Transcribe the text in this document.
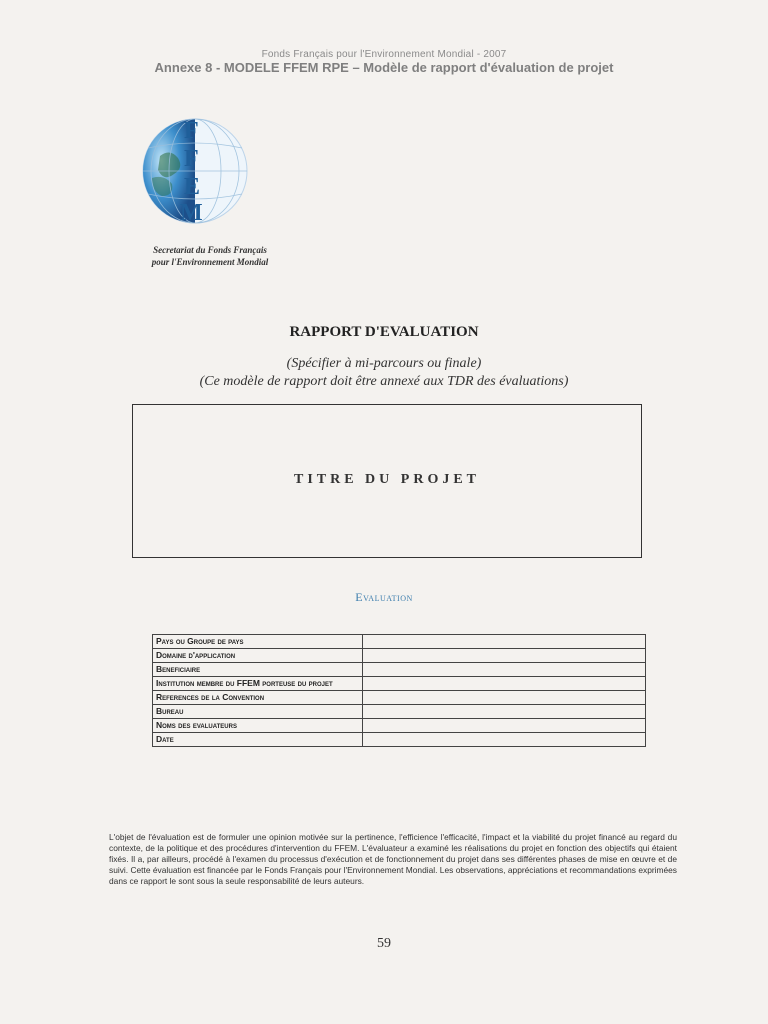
Fonds Français pour l'Environnement Mondial - 2007
Annexe 8 - MODELE FFEM RPE – Modèle de rapport d'évaluation de projet
F
F
E
M
Secretariat du Fonds Français
pour l'Environnement Mondial
RAPPORT D'EVALUATION
(Spécifier à mi-parcours ou finale)
(Ce modèle de rapport doit être annexé aux TDR des évaluations)
TITRE DU PROJET
Evaluation
Pays ou Groupe de pays	
Domaine d'application	
Beneficiaire	
Institution membre du FFEM porteuse du projet	
References de la Convention	
Bureau	
Noms des evaluateurs	
Date	
L'objet de l'évaluation est de formuler une opinion motivée sur la pertinence, l'efficience l'efficacité, l'impact et la viabilité du projet financé au regard du contexte, de la politique et des procédures d'intervention du FFEM. L'évaluateur a examiné les réalisations du projet en fonction des objectifs qui étaient fixés. Il a, par ailleurs, procédé à l'examen du processus d'exécution et de fonctionnement du projet dans ses différentes phases de mise en œuvre et de suivi. Cette évaluation est financée par le Fonds Français pour l'Environnement Mondial. Les observations, appréciations et recommandations exprimées dans ce rapport le sont sous la seule responsabilité de leurs auteurs.
59
